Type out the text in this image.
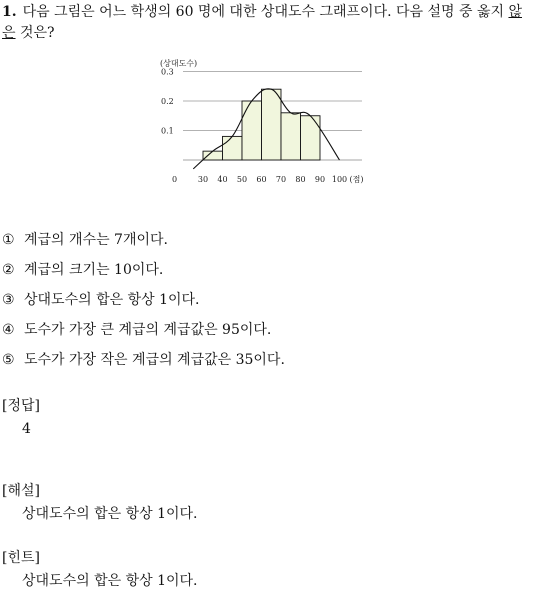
1. 다음 그림은 어느 학생의 60 명에 대한 상대도수 그래프이다. 다음 설명 중 옳지 않은 것은?
0.1
0.2
0.3
(상대도수)
0	30 40 50 60 70 80 90 100 (점)
① 계급의 개수는 7개이다.
② 계급의 크기는 10이다.
③ 상대도수의 합은 항상 1이다.
④ 도수가 가장 큰 계급의 계급값은 95이다.
⑤ 도수가 가장 작은 계급의 계급값은 35이다.
[정답]
4
[해설]
상대도수의 합은 항상 1이다.
[힌트]
상대도수의 합은 항상 1이다.
